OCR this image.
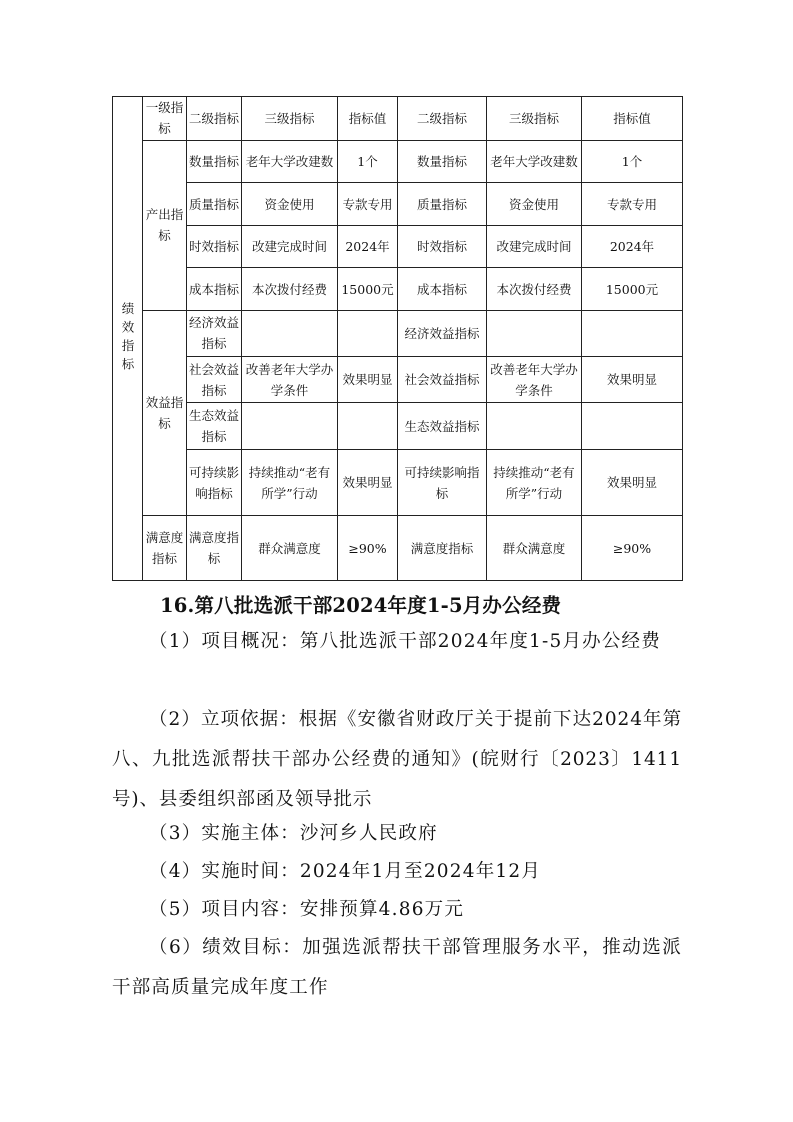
绩效指标	一级指标	二级指标	三级指标	指标值	二级指标	三级指标	指标值
	产出指标	数量指标	老年大学改建数	1个	数量指标	老年大学改建数	1个
		质量指标	资金使用	专款专用	质量指标	资金使用	专款专用
		时效指标	改建完成时间	2024年	时效指标	改建完成时间	2024年
		成本指标	本次拨付经费	15000元	成本指标	本次拨付经费	15000元
	效益指标	经济效益指标			经济效益指标		
		社会效益指标	改善老年大学办学条件	效果明显	社会效益指标	改善老年大学办学条件	效果明显
		生态效益指标			生态效益指标		
		可持续影响指标	持续推动“老有所学”行动	效果明显	可持续影响指标	持续推动“老有所学”行动	效果明显
	满意度指标	满意度指标	群众满意度	≥90%	满意度指标	群众满意度	≥90%
16.第八批选派干部2024年度1-5月办公经费

（1）项目概况：第八批选派干部2024年度1-5月办公经费

（2）立项依据：根据《安徽省财政厅关于提前下达2024年第八、九批选派帮扶干部办公经费的通知》(皖财行〔2023〕1411号)、县委组织部函及领导批示

（3）实施主体：沙河乡人民政府

（4）实施时间：2024年1月至2024年12月

（5）项目内容：安排预算4.86万元

（6）绩效目标：加强选派帮扶干部管理服务水平，推动选派干部高质量完成年度工作
